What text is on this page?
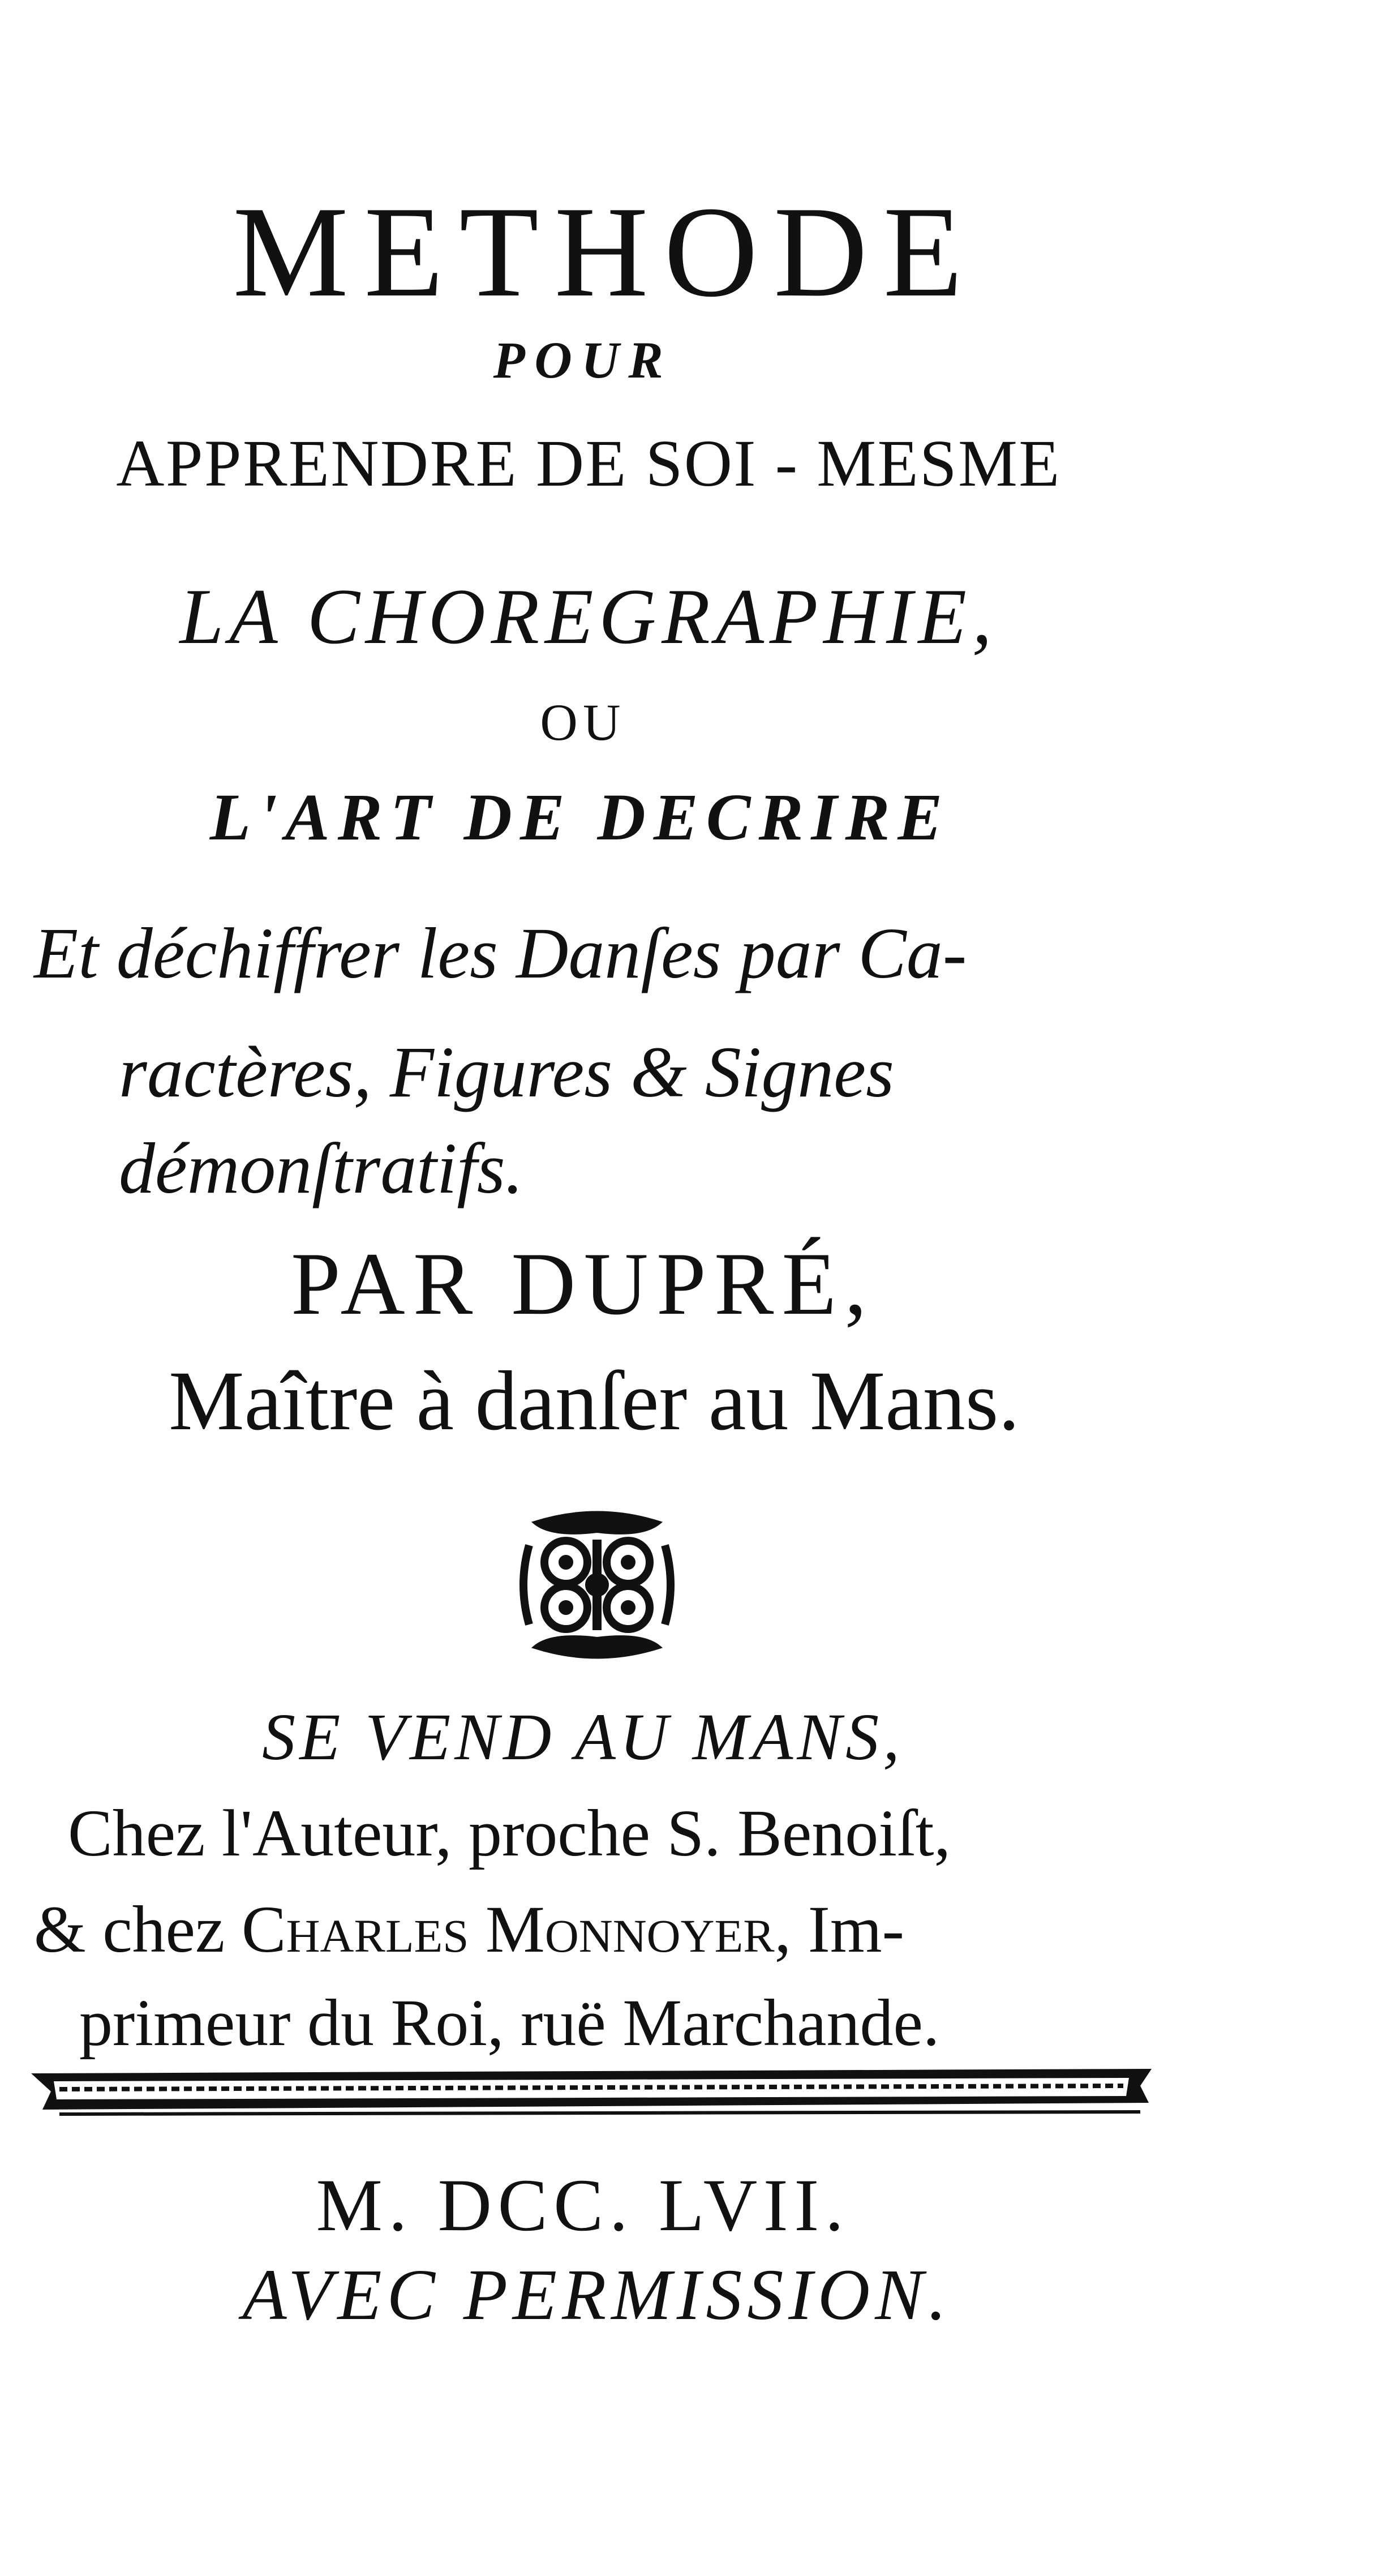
METHODE
POUR
APPRENDRE DE SOI - MESME
LA CHOREGRAPHIE,
OU
L'ART DE DECRIRE
Et déchiffrer les Danſes par Ca-
ractères, Figures & Signes
démonſtratifs.
PAR DUPRÉ,
Maître à danſer au Mans.
SE VEND AU MANS,
Chez l'Auteur, proche S. Benoiſt,
& chez Charles Monnoyer, Im-
primeur du Roi, ruë Marchande.
M. DCC. LVII.
AVEC PERMISSION.
